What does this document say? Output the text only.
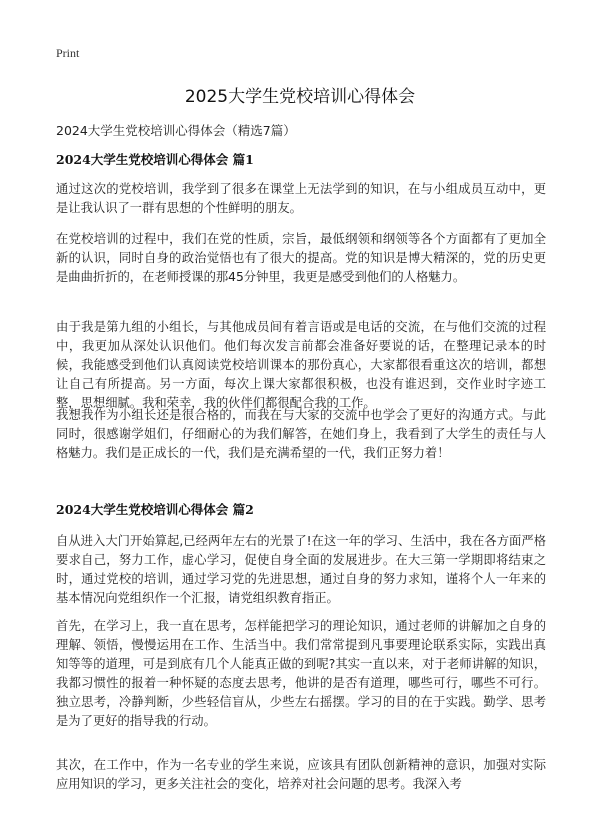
Print
2025大学生党校培训心得体会
2024大学生党校培训心得体会（精选7篇）
2024大学生党校培训心得体会 篇1
通过这次的党校培训，我学到了很多在课堂上无法学到的知识，在与小组成员互动中，更是让我认识了一群有思想的个性鲜明的朋友。
在党校培训的过程中，我们在党的性质，宗旨，最低纲领和纲领等各个方面都有了更加全新的认识，同时自身的政治觉悟也有了很大的提高。党的知识是博大精深的，党的历史更是曲曲折折的，在老师授课的那45分钟里，我更是感受到他们的人格魅力。
由于我是第九组的小组长，与其他成员间有着言语或是电话的交流，在与他们交流的过程中，我更加从深处认识他们。他们每次发言前都会准备好要说的话，在整理记录本的时候，我能感受到他们认真阅读党校培训课本的那份真心，大家都很看重这次的培训，都想让自己有所提高。另一方面，每次上课大家都很积极，也没有谁迟到，交作业时字迹工整，思想细腻。我和荣幸，我的伙伴们都很配合我的工作。
我想我作为小组长还是很合格的，而我在与大家的交流中也学会了更好的沟通方式。与此同时，很感谢学姐们，仔细耐心的为我们解答，在她们身上，我看到了大学生的责任与人格魅力。我们是正成长的一代，我们是充满希望的一代，我们正努力着！
2024大学生党校培训心得体会 篇2
自从进入大门开始算起,已经两年左右的光景了!在这一年的学习、生活中，我在各方面严格要求自己，努力工作，虚心学习，促使自身全面的发展进步。在大三第一学期即将结束之时，通过党校的培训，通过学习党的先进思想，通过自身的努力求知，谨将个人一年来的基本情况向党组织作一个汇报，请党组织教育指正。
首先，在学习上，我一直在思考，怎样能把学习的理论知识，通过老师的讲解加之自身的理解、领悟，慢慢运用在工作、生活当中。我们常常提到凡事要理论联系实际，实践出真知等等的道理，可是到底有几个人能真正做的到呢?其实一直以来，对于老师讲解的知识，我都习惯性的报着一种怀疑的态度去思考，他讲的是否有道理，哪些可行，哪些不可行。独立思考，冷静判断，少些轻信盲从，少些左右摇摆。学习的目的在于实践。勤学、思考是为了更好的指导我的行动。
其次，在工作中，作为一名专业的学生来说，应该具有团队创新精神的意识，加强对实际应用知识的学习，更多关注社会的变化，培养对社会问题的思考。我深入考
